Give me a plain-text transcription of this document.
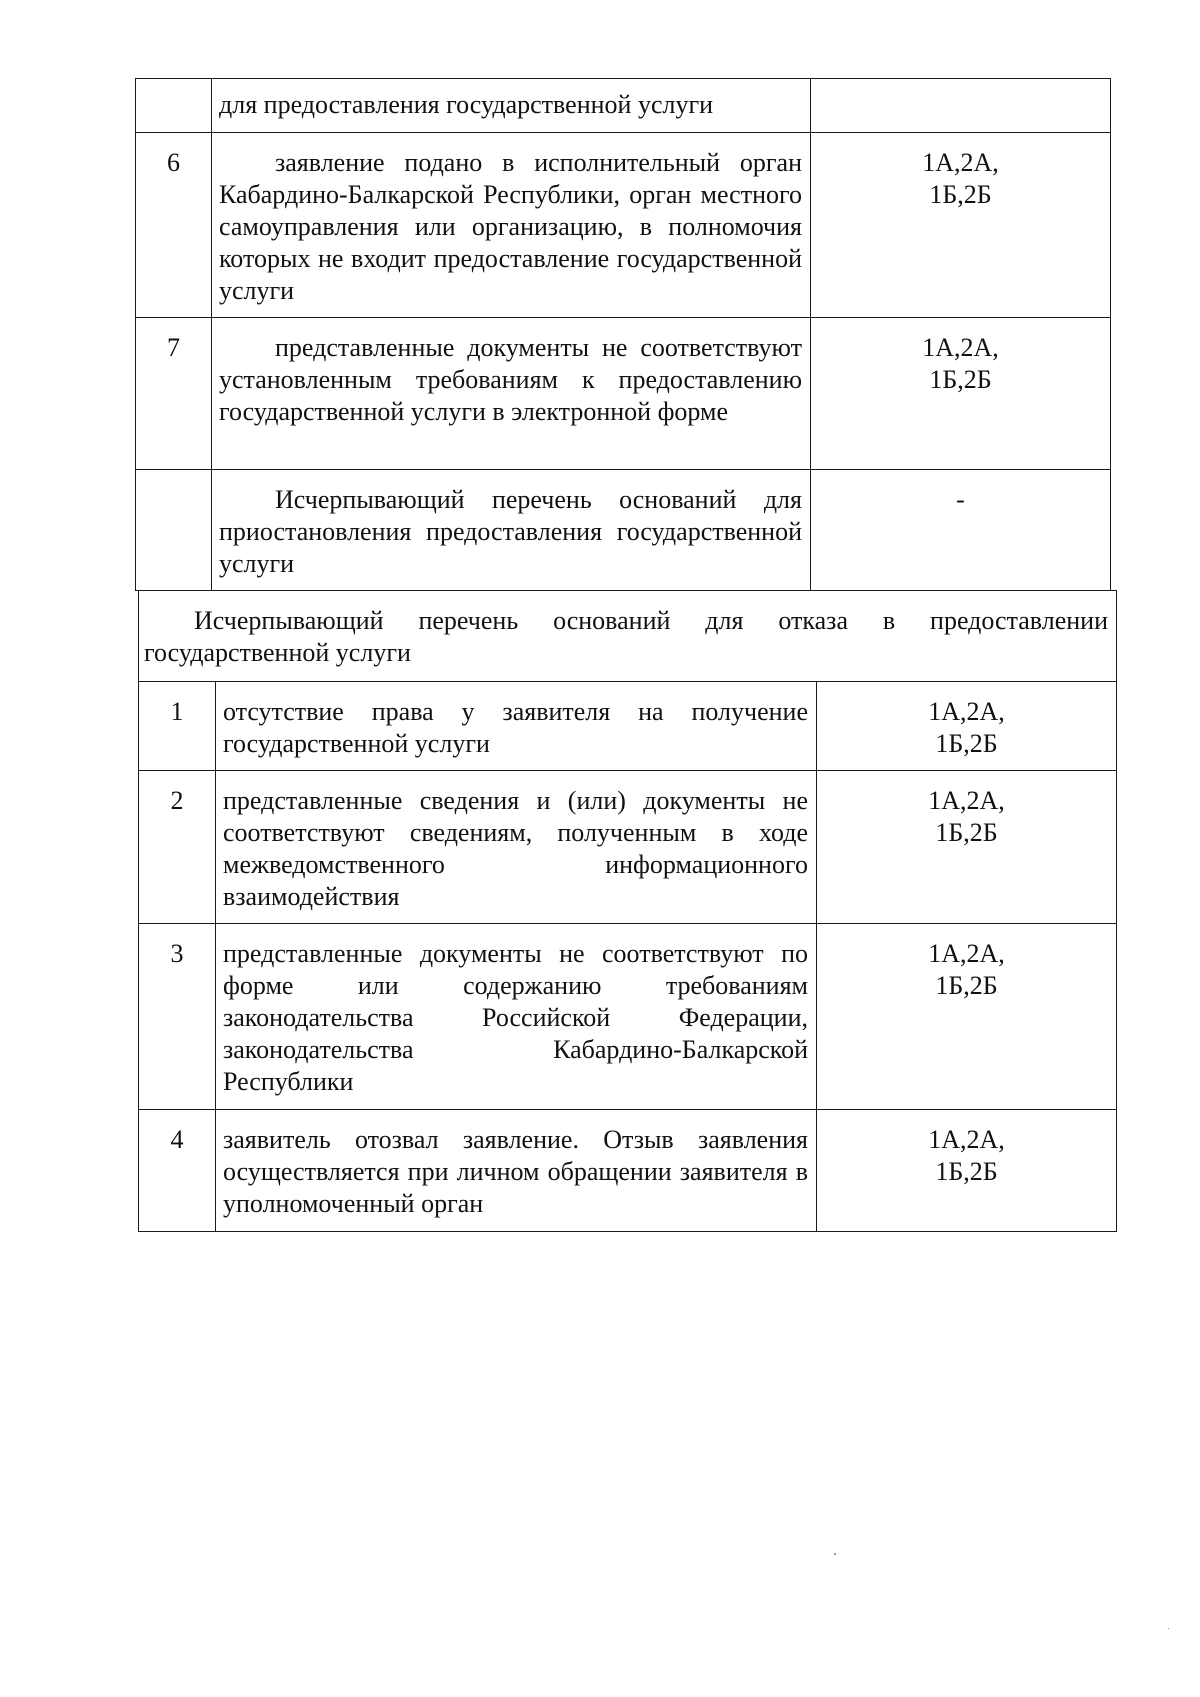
	для предоставления государственной услуги	

6	заявление подано в исполнительный орган Кабардино-Балкарской Республики, орган местного самоуправления или организацию, в полномочия которых не входит предоставление государственной услуги	1А,2А,
1Б,2Б

7	представленные документы не соответствуют установленным требованиям к предоставлению государственной услуги в электронной форме	1А,2А,
1Б,2Б

	Исчерпывающий перечень оснований для приостановления предоставления государственной услуги	-
Исчерпывающий перечень оснований для отказа в предоставлении государственной услуги		

1	отсутствие права у заявителя на получение государственной услуги	1А,2А,
1Б,2Б

2	представленные сведения и (или) документы не соответствуют сведениям, полученным в ходе межведомственного информационного взаимодействия	1А,2А,
1Б,2Б

3	представленные документы не соответствуют по форме или содержанию требованиям законодательства Российской Федерации, законодательства Кабардино-Балкарской Республики	1А,2А,
1Б,2Б

4	заявитель отозвал заявление. Отзыв заявления осуществляется при личном обращении заявителя в уполномоченный орган	1А,2А,
1Б,2Б
